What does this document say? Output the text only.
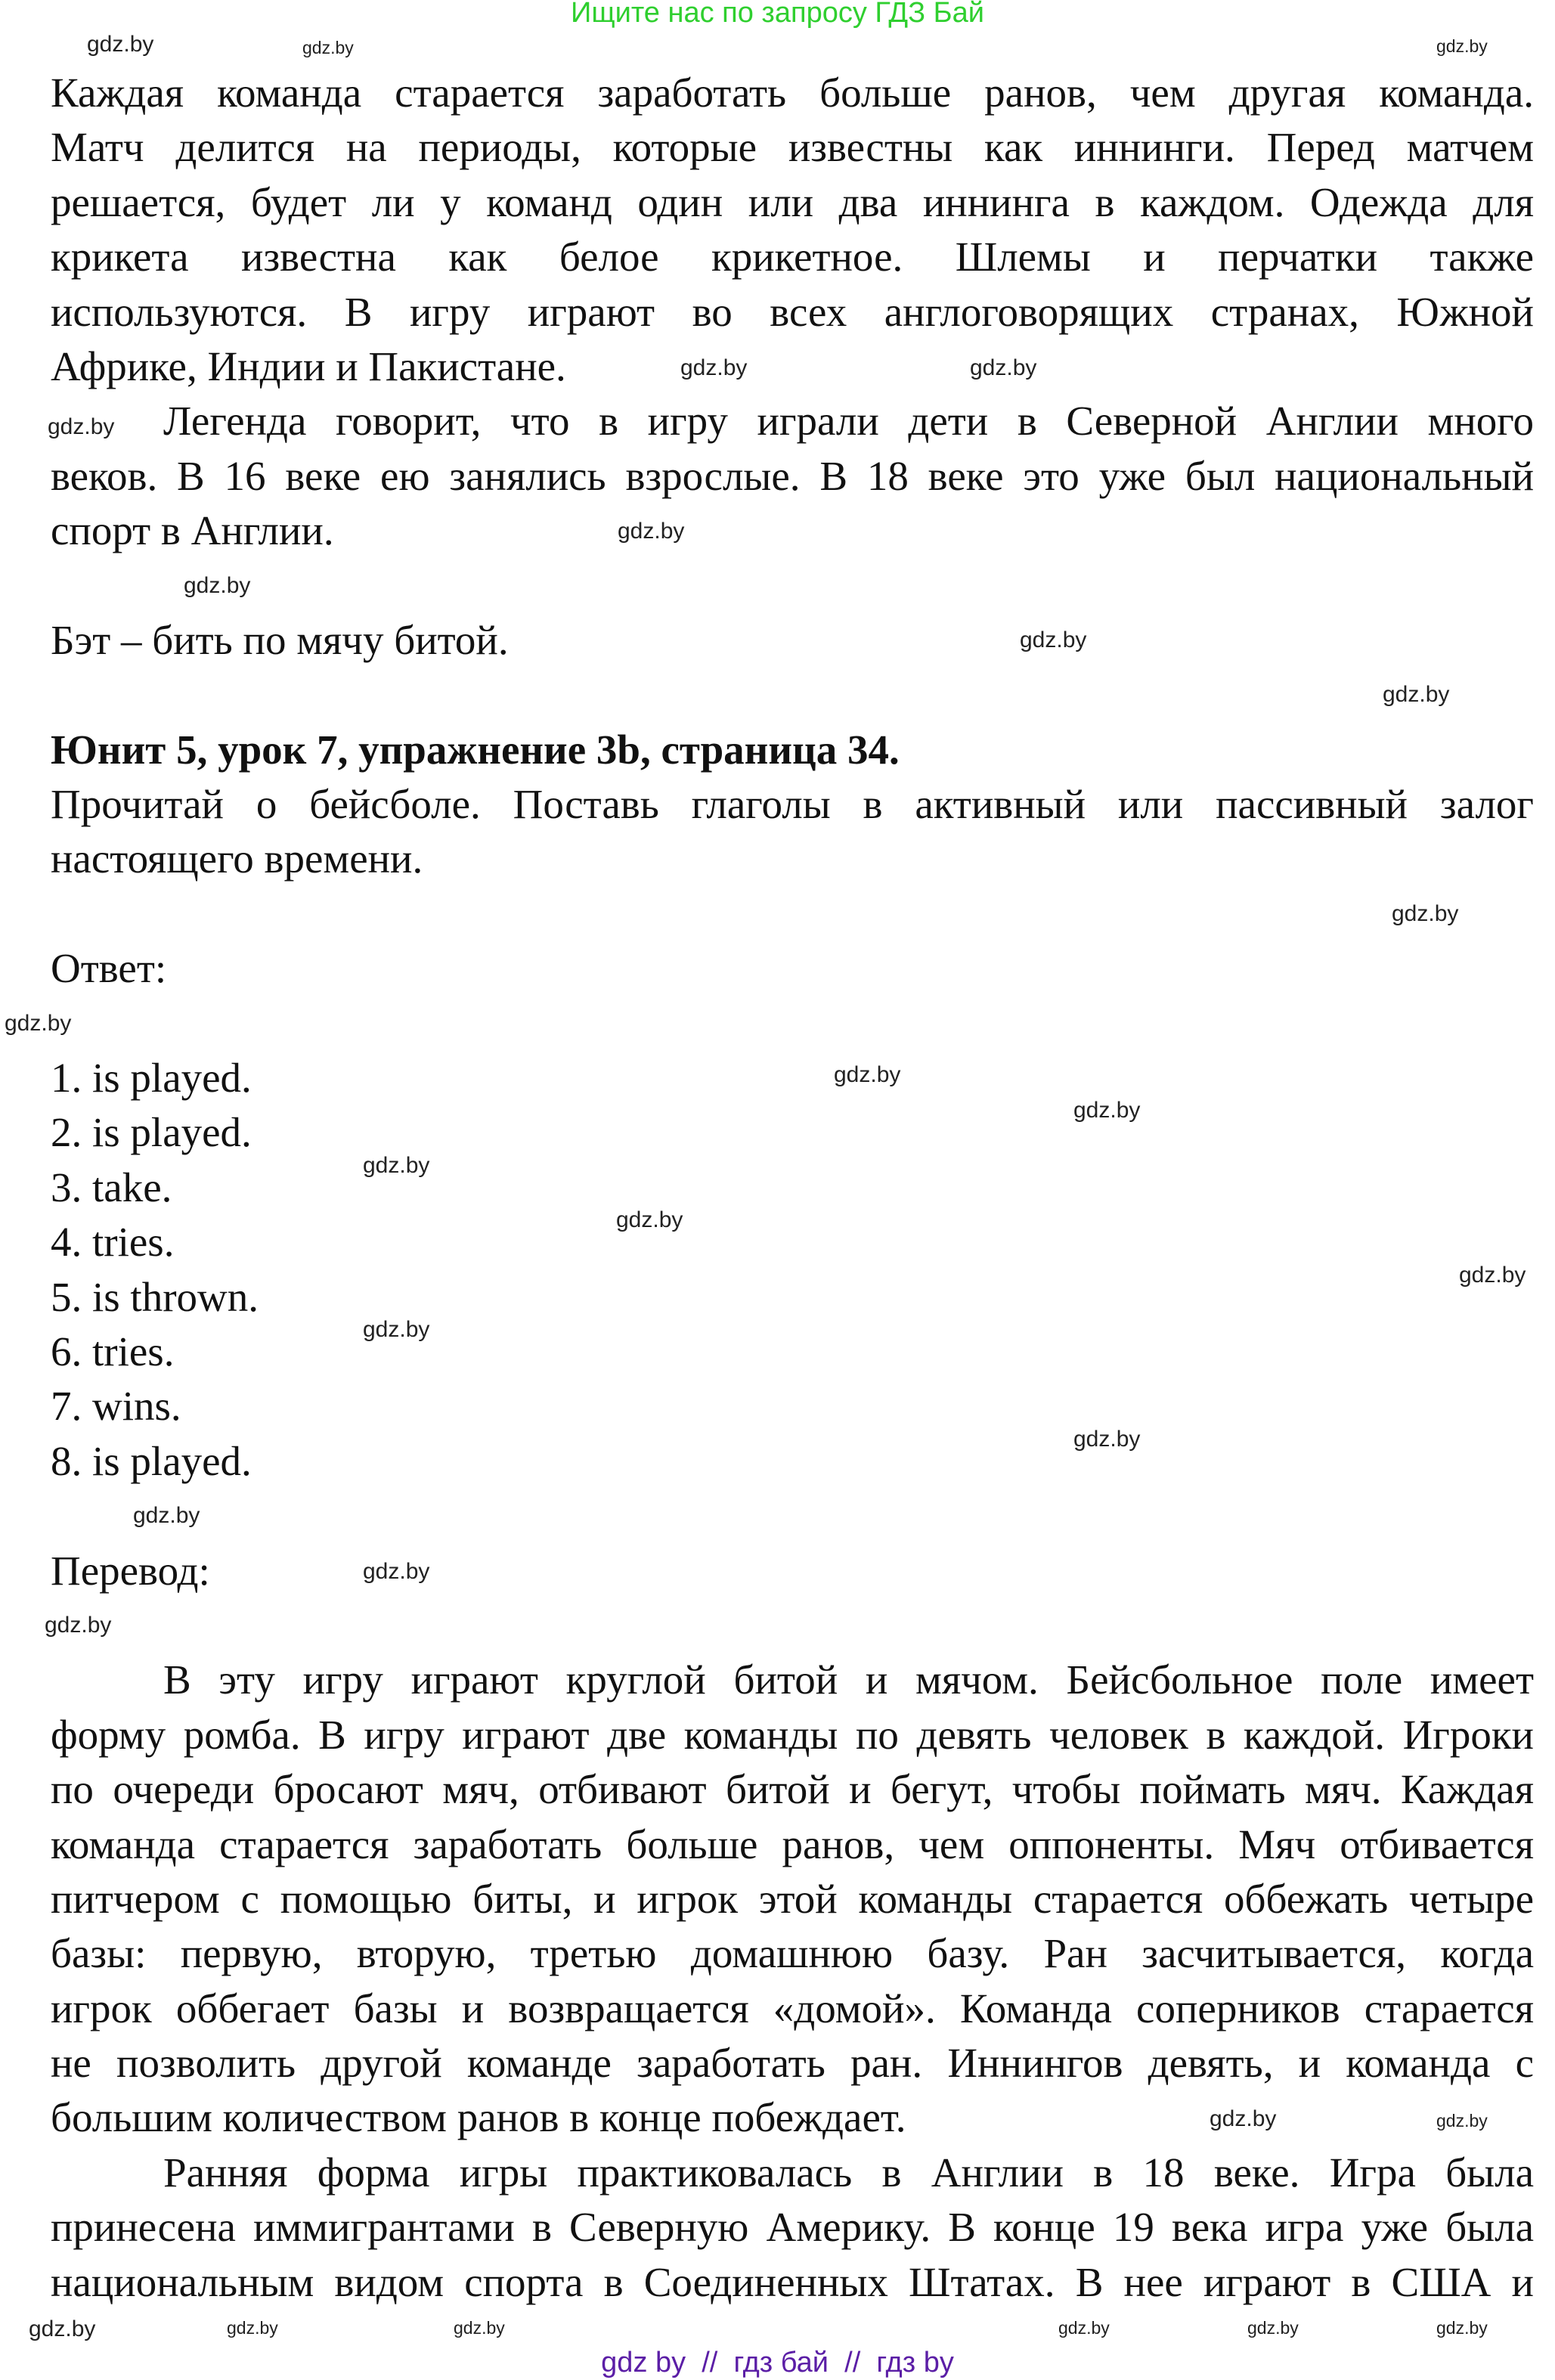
Ищите нас по запросу ГДЗ Бай
Каждая команда старается заработать больше ранов, чем другая команда.
Матч делится на периоды, которые известны как иннинги. Перед матчем
решается, будет ли у команд один или два иннинга в каждом. Одежда для
крикета известна как белое крикетное. Шлемы и перчатки также
используются. В игру играют во всех англоговорящих странах, Южной
Африке, Индии и Пакистане.
Легенда говорит, что в игру играли дети в Северной Англии много
веков. В 16 веке ею занялись взрослые. В 18 веке это уже был национальный
спорт в Англии.
Бэт – бить по мячу битой.
Юнит 5, урок 7, упражнение 3b, страница 34.
Прочитай о бейсболе. Поставь глаголы в активный или пассивный залог
настоящего времени.
Ответ:
1. is played.
2. is played.
3. take.
4. tries.
5. is thrown.
6. tries.
7. wins.
8. is played.
Перевод:
В эту игру играют круглой битой и мячом. Бейсбольное поле имеет
форму ромба. В игру играют две команды по девять человек в каждой. Игроки
по очереди бросают мяч, отбивают битой и бегут, чтобы поймать мяч. Каждая
команда старается заработать больше ранов, чем оппоненты. Мяч отбивается
питчером с помощью биты, и игрок этой команды старается оббежать четыре
базы: первую, вторую, третью домашнюю базу. Ран засчитывается, когда
игрок оббегает базы и возвращается «домой». Команда соперников старается
не позволить другой команде заработать ран. Иннингов девять, и команда с
большим количеством ранов в конце побеждает.
Ранняя форма игры практиковалась в Англии в 18 веке. Игра была
принесена иммигрантами в Северную Америку. В конце 19 века игра уже была
национальным видом спорта в Соединенных Штатах. В нее играют в США и
gdz.by	gdz.by
gdz.by
gdz.by	gdz.by
gdz.by
gdz.by
gdz.by
gdz.by
gdz.by
gdz.by
gdz.by
gdz.by
gdz.by
gdz.by
gdz.by
gdz.by
gdz.by
gdz.by
gdz.by
gdz.by
gdz.by
gdz.by	gdz.by	gdz.by	gdz.by	gdz.by
gdz.by	gdz.by
gdz.by
gdz by  //  гдз бай  //  гдз by
